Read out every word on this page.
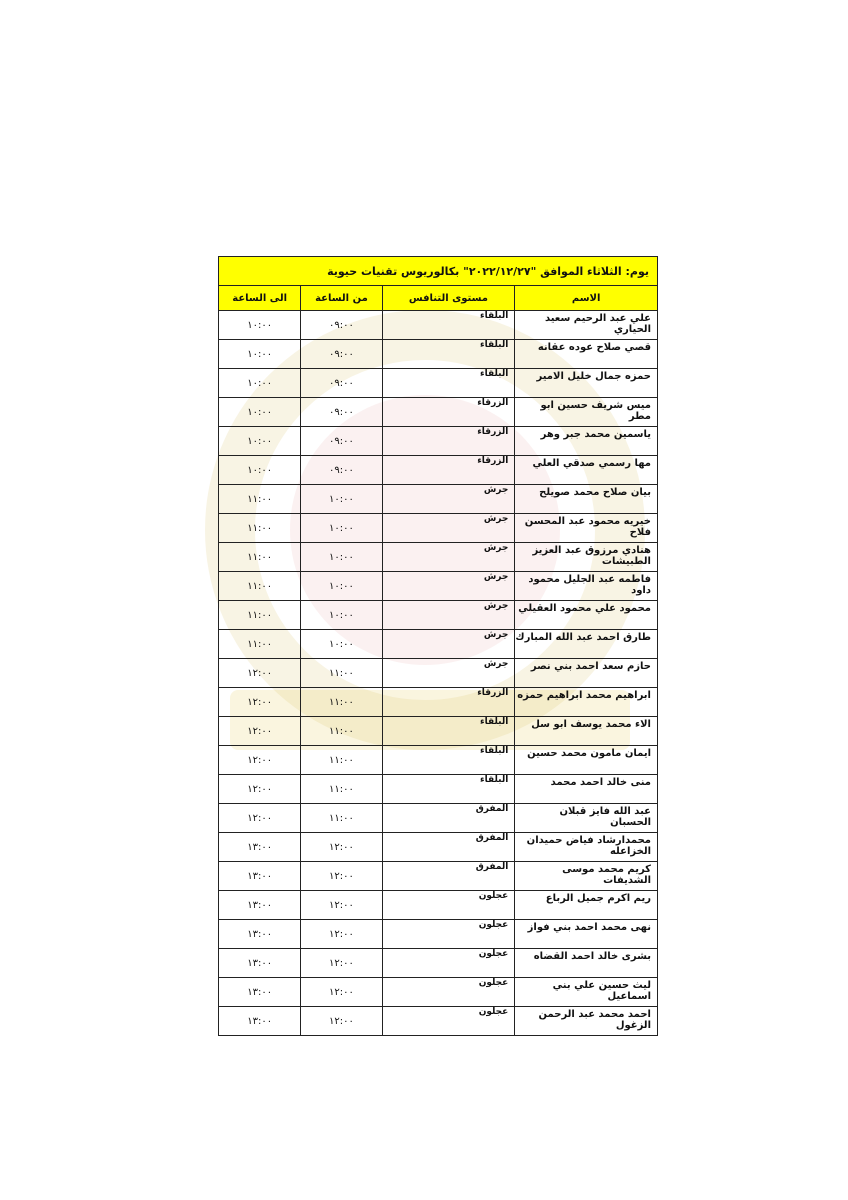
يوم: الثلاثاء الموافق "٢٠٢٢/١٢/٢٧" بكالوريوس تقنيات حيوية			
الاسم	مستوى التنافس	من الساعة	الى الساعة
علي عبد الرحيم سعيد الحياري	البلقاء	٠٩:٠٠	١٠:٠٠
قصي صلاح عوده عقانه	البلقاء	٠٩:٠٠	١٠:٠٠
حمزه جمال خليل الامير	البلقاء	٠٩:٠٠	١٠:٠٠
ميس شريف حسين ابو مطر	الزرقاء	٠٩:٠٠	١٠:٠٠
ياسمين محمد جبر وهر	الزرقاء	٠٩:٠٠	١٠:٠٠
مها رسمي صدقي العلي	الزرقاء	٠٩:٠٠	١٠:٠٠
بيان صلاح محمد صويلح	جرش	١٠:٠٠	١١:٠٠
خيريه محمود عبد المحسن فلاح	جرش	١٠:٠٠	١١:٠٠
هنادي مرزوق عبد العزيز الطبيشات	جرش	١٠:٠٠	١١:٠٠
فاطمه عبد الجليل محمود داود	جرش	١٠:٠٠	١١:٠٠
محمود علي محمود العقيلي	جرش	١٠:٠٠	١١:٠٠
طارق احمد عبد الله المبارك	جرش	١٠:٠٠	١١:٠٠
حازم سعد احمد بني نصر	جرش	١١:٠٠	١٢:٠٠
ابراهيم محمد ابراهيم حمزه	الزرقاء	١١:٠٠	١٢:٠٠
الاء محمد يوسف ابو سل	البلقاء	١١:٠٠	١٢:٠٠
ايمان مامون محمد حسين	البلقاء	١١:٠٠	١٢:٠٠
منى خالد احمد محمد	البلقاء	١١:٠٠	١٢:٠٠
عبد الله فايز قبلان الحسبان	المفرق	١١:٠٠	١٢:٠٠
محمدارشاد فياض حميدان الخزاعله	المفرق	١٢:٠٠	١٣:٠٠
كريم محمد موسى الشديفات	المفرق	١٢:٠٠	١٣:٠٠
ريم اكرم جميل الرباع	عجلون	١٢:٠٠	١٣:٠٠
نهى محمد احمد بني فواز	عجلون	١٢:٠٠	١٣:٠٠
بشرى خالد احمد القضاه	عجلون	١٢:٠٠	١٣:٠٠
ليث حسين علي بني اسماعيل	عجلون	١٢:٠٠	١٣:٠٠
احمد محمد عبد الرحمن الزغول	عجلون	١٢:٠٠	١٣:٠٠
